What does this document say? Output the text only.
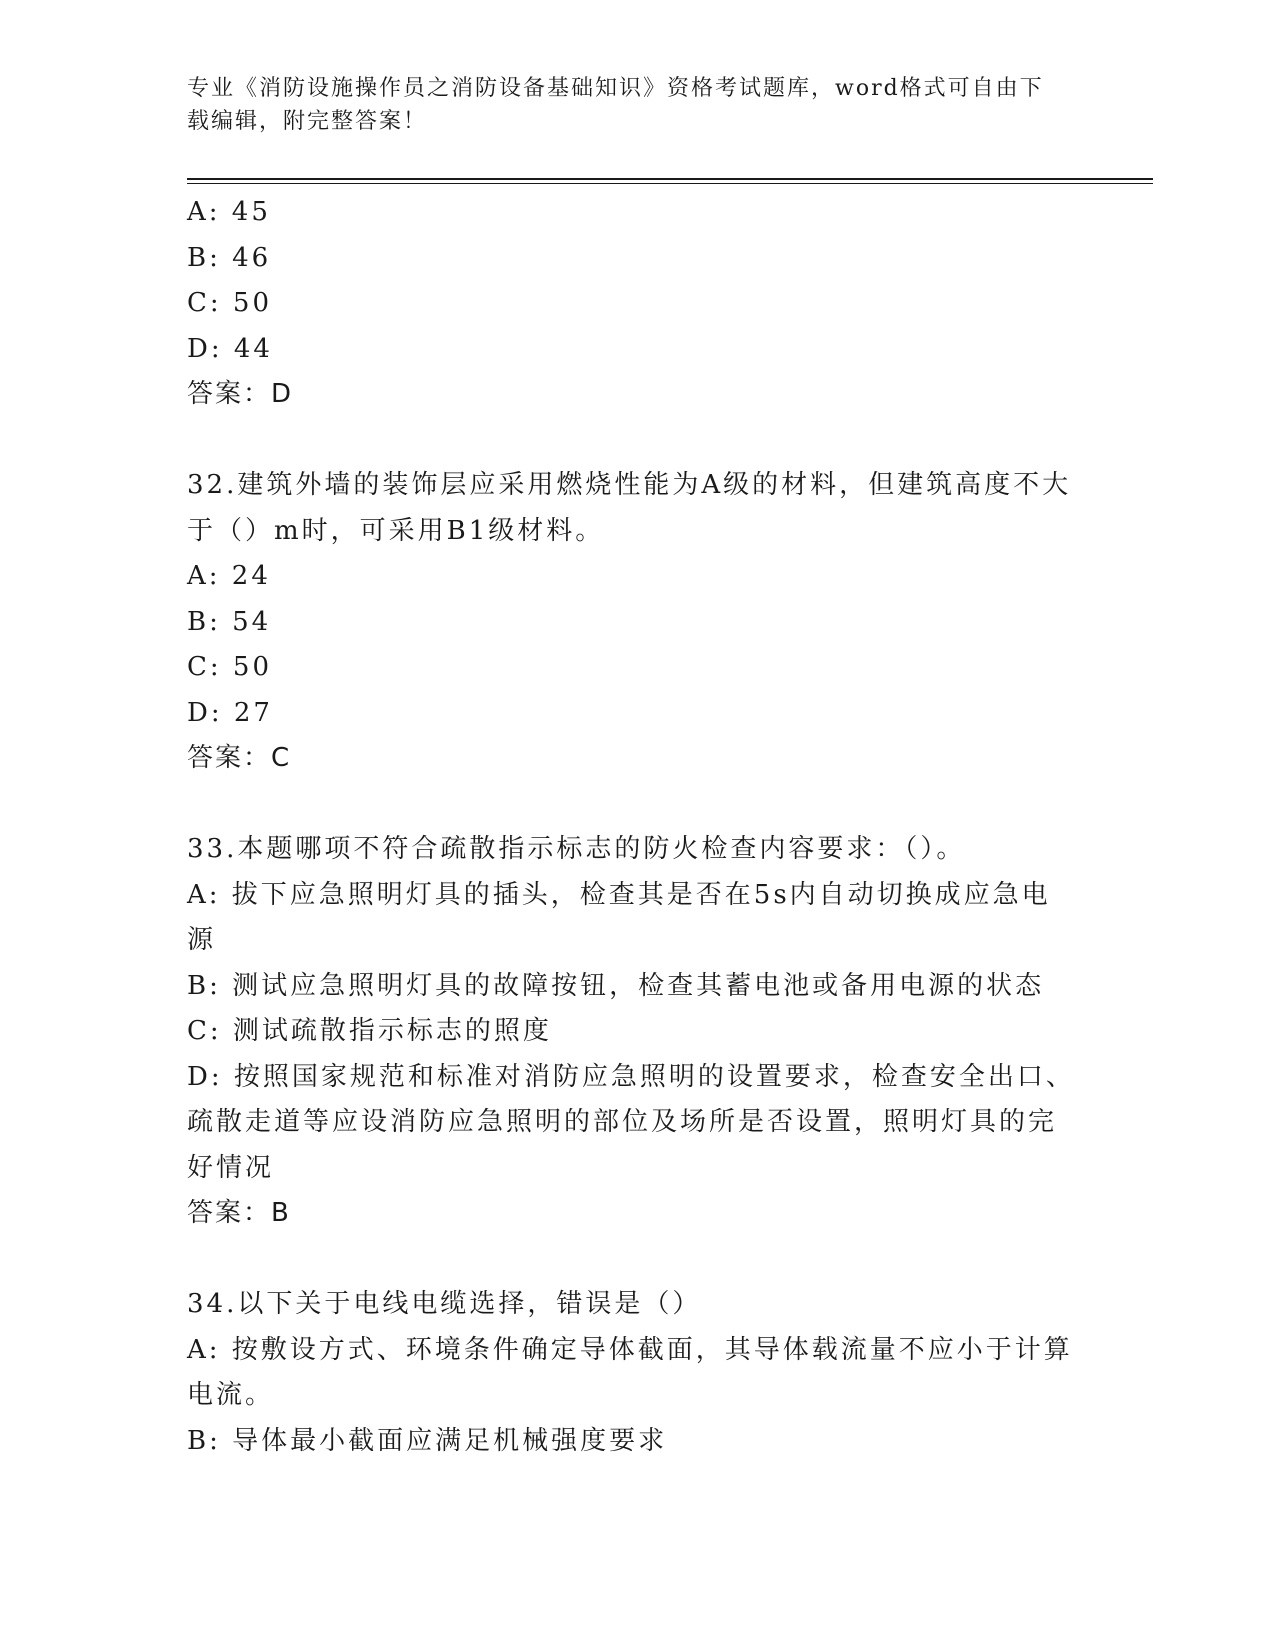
专业《消防设施操作员之消防设备基础知识》资格考试题库，word格式可自由下
载编辑，附完整答案！
A: 45
B: 46
C: 50
D: 44
答案：D
32.建筑外墙的装饰层应采用燃烧性能为A级的材料，但建筑高度不大
于（）m时，可采用B1级材料。
A: 24
B: 54
C: 50
D: 27
答案：C
33.本题哪项不符合疏散指示标志的防火检查内容要求：（）。
A: 拔下应急照明灯具的插头，检查其是否在5s内自动切换成应急电
源
B: 测试应急照明灯具的故障按钮，检查其蓄电池或备用电源的状态
C: 测试疏散指示标志的照度
D: 按照国家规范和标准对消防应急照明的设置要求，检查安全出口、
疏散走道等应设消防应急照明的部位及场所是否设置，照明灯具的完
好情况
答案：B
34.以下关于电线电缆选择，错误是（）
A: 按敷设方式、环境条件确定导体截面，其导体载流量不应小于计算
电流。
B: 导体最小截面应满足机械强度要求
